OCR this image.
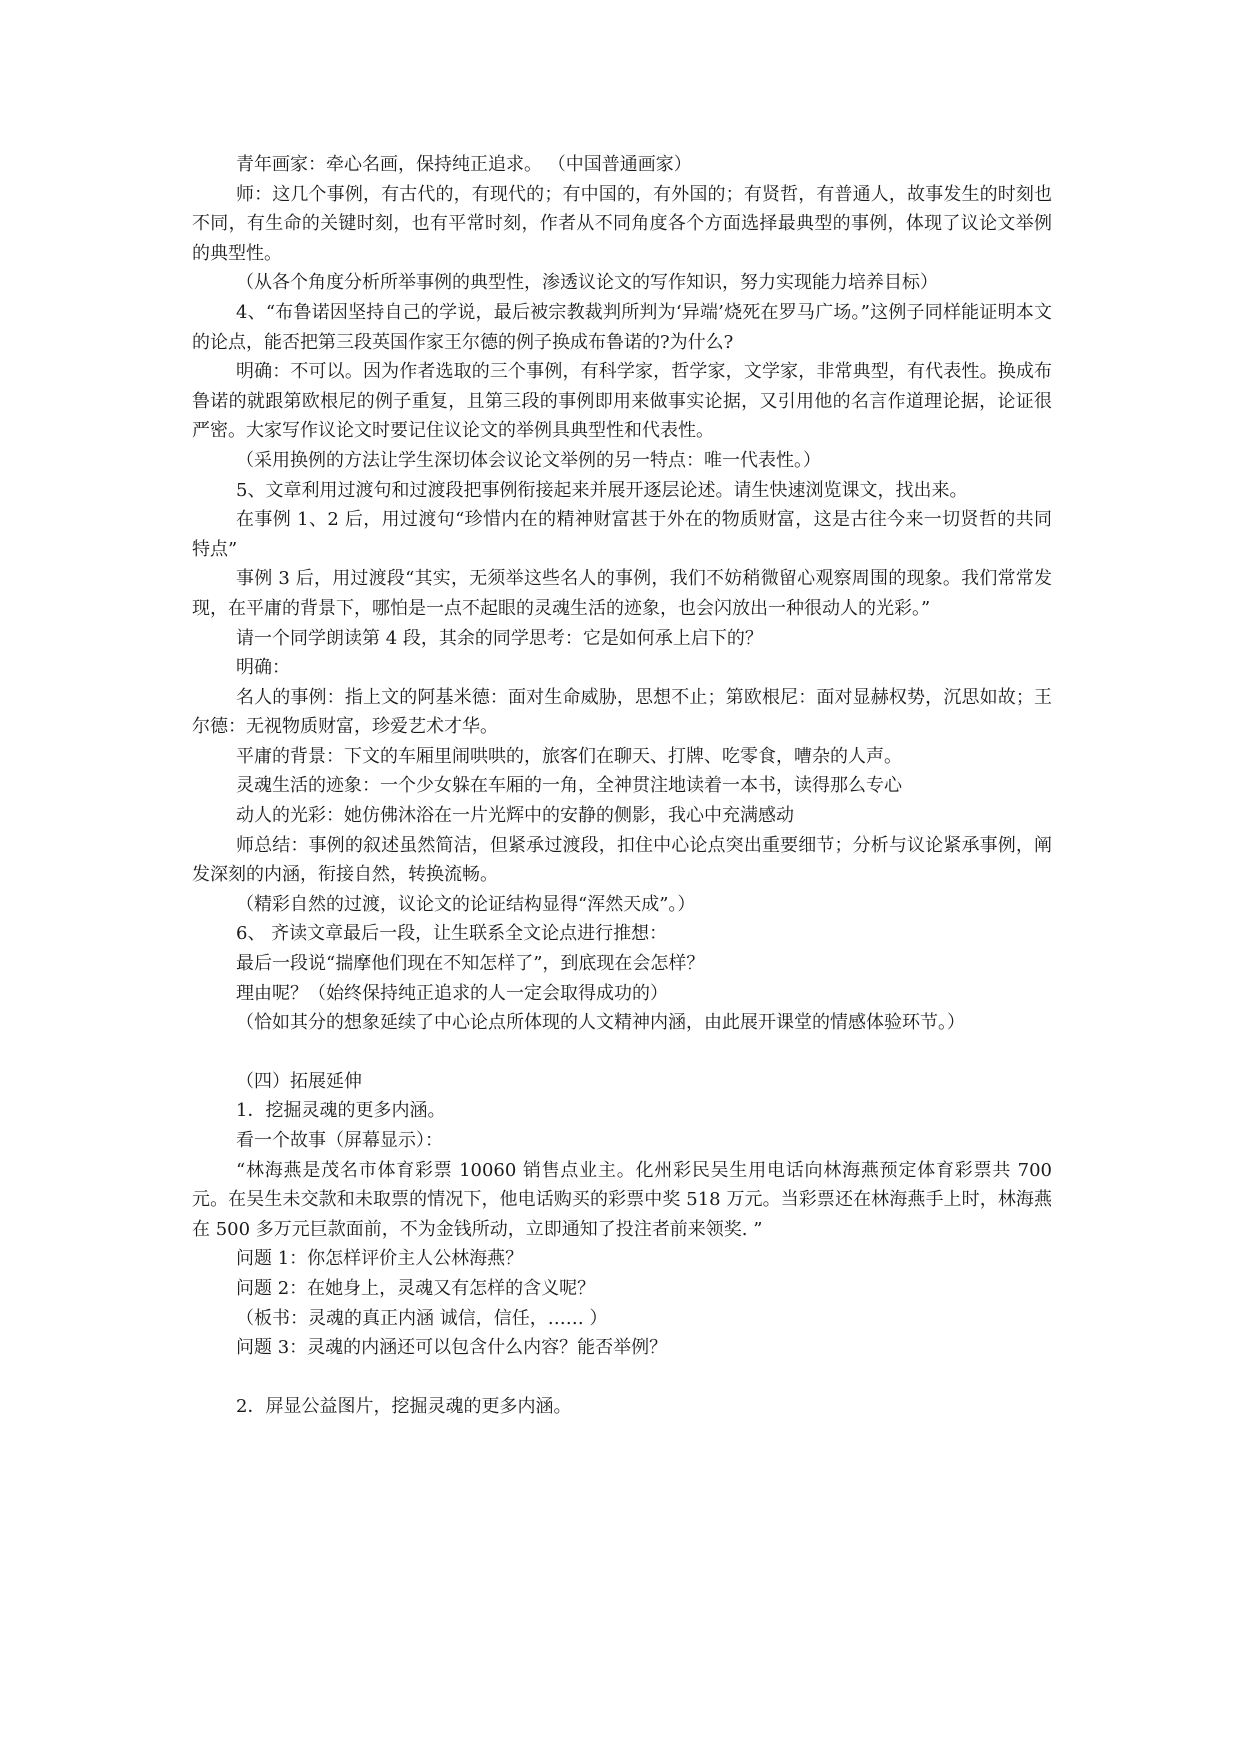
青年画家：牵心名画，保持纯正追求。 （中国普通画家）

师：这几个事例，有古代的，有现代的；有中国的，有外国的；有贤哲，有普通人，故事发生的时刻也不同，有生命的关键时刻，也有平常时刻，作者从不同角度各个方面选择最典型的事例，体现了议论文举例的典型性。

（从各个角度分析所举事例的典型性，渗透议论文的写作知识，努力实现能力培养目标）

4、“布鲁诺因坚持自己的学说，最后被宗教裁判所判为‘异端’烧死在罗马广场。”这例子同样能证明本文的论点，能否把第三段英国作家王尔德的例子换成布鲁诺的?为什么?

明确：不可以。因为作者选取的三个事例，有科学家，哲学家，文学家，非常典型，有代表性。换成布鲁诺的就跟第欧根尼的例子重复，且第三段的事例即用来做事实论据，又引用他的名言作道理论据，论证很严密。大家写作议论文时要记住议论文的举例具典型性和代表性。

（采用换例的方法让学生深切体会议论文举例的另一特点：唯一代表性。）

5、文章利用过渡句和过渡段把事例衔接起来并展开逐层论述。请生快速浏览课文，找出来。

在事例 1、2 后，用过渡句“珍惜内在的精神财富甚于外在的物质财富，这是古往今来一切贤哲的共同特点”

事例 3 后，用过渡段“其实，无须举这些名人的事例，我们不妨稍微留心观察周围的现象。我们常常发现，在平庸的背景下，哪怕是一点不起眼的灵魂生活的迹象，也会闪放出一种很动人的光彩。”

请一个同学朗读第 4 段，其余的同学思考：它是如何承上启下的？

明确：

名人的事例：指上文的阿基米德：面对生命威胁，思想不止；第欧根尼：面对显赫权势，沉思如故；王尔德：无视物质财富，珍爱艺术才华。

平庸的背景：下文的车厢里闹哄哄的，旅客们在聊天、打牌、吃零食，嘈杂的人声。

灵魂生活的迹象：一个少女躲在车厢的一角，全神贯注地读着一本书，读得那么专心

动人的光彩：她仿佛沐浴在一片光辉中的安静的侧影，我心中充满感动

师总结：事例的叙述虽然简洁，但紧承过渡段，扣住中心论点突出重要细节；分析与议论紧承事例，阐发深刻的内涵，衔接自然，转换流畅。

（精彩自然的过渡，议论文的论证结构显得“浑然天成”。）

6、 齐读文章最后一段，让生联系全文论点进行推想：

最后一段说“揣摩他们现在不知怎样了”，到底现在会怎样？

理由呢？（始终保持纯正追求的人一定会取得成功的）

（恰如其分的想象延续了中心论点所体现的人文精神内涵，由此展开课堂的情感体验环节。）

（四）拓展延伸

1．挖掘灵魂的更多内涵。

看一个故事（屏幕显示）：

“林海燕是茂名市体育彩票 10060 销售点业主。化州彩民吴生用电话向林海燕预定体育彩票共 700 元。在吴生未交款和未取票的情况下，他电话购买的彩票中奖 518 万元。当彩票还在林海燕手上时，林海燕在 500 多万元巨款面前，不为金钱所动，立即通知了投注者前来领奖. ”

问题 1：你怎样评价主人公林海燕？

问题 2：在她身上，灵魂又有怎样的含义呢？

（板书：灵魂的真正内涵 诚信，信任，…… ）

问题 3：灵魂的内涵还可以包含什么内容？能否举例？

2．屏显公益图片，挖掘灵魂的更多内涵。
